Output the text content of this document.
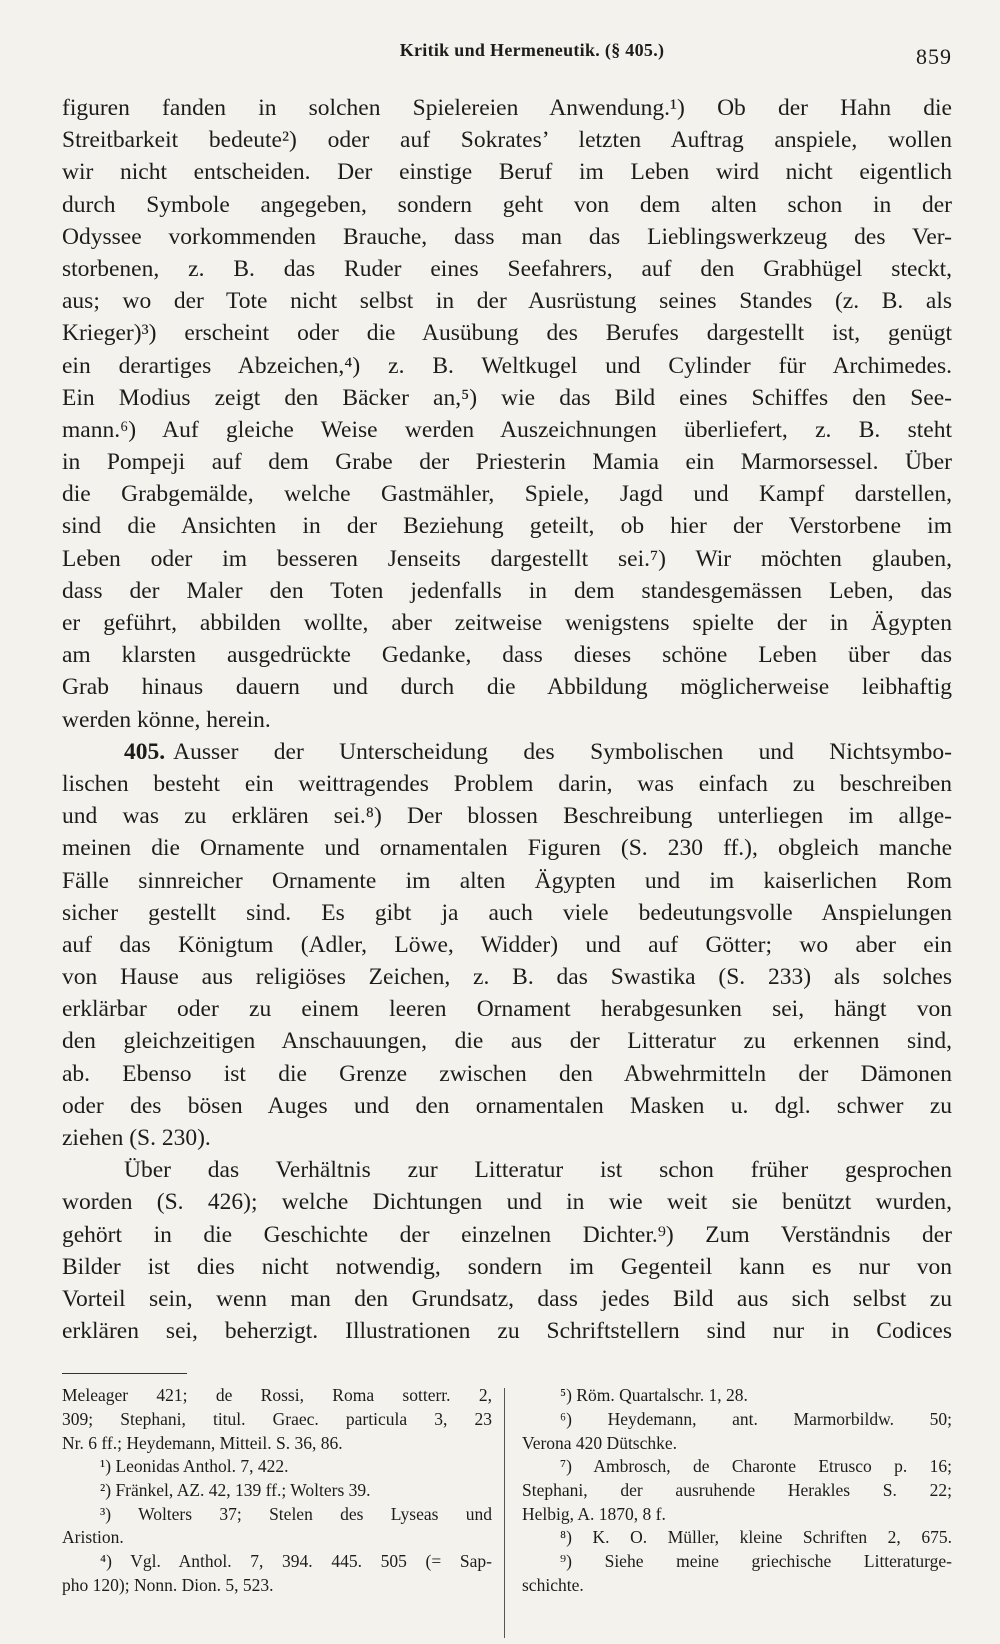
Kritik und Hermeneutik. (§ 405.)	859
figuren fanden in solchen Spielereien Anwendung.¹) Ob der Hahn die
Streitbarkeit bedeute²) oder auf Sokrates’ letzten Auftrag anspiele, wollen
wir nicht entscheiden. Der einstige Beruf im Leben wird nicht eigentlich
durch Symbole angegeben, sondern geht von dem alten schon in der
Odyssee vorkommenden Brauche, dass man das Lieblingswerkzeug des Ver-
storbenen, z. B. das Ruder eines Seefahrers, auf den Grabhügel steckt,
aus; wo der Tote nicht selbst in der Ausrüstung seines Standes (z. B. als
Krieger)³) erscheint oder die Ausübung des Berufes dargestellt ist, genügt
ein derartiges Abzeichen,⁴) z. B. Weltkugel und Cylinder für Archimedes.
Ein Modius zeigt den Bäcker an,⁵) wie das Bild eines Schiffes den See-
mann.⁶) Auf gleiche Weise werden Auszeichnungen überliefert, z. B. steht
in Pompeji auf dem Grabe der Priesterin Mamia ein Marmorsessel. Über
die Grabgemälde, welche Gastmähler, Spiele, Jagd und Kampf darstellen,
sind die Ansichten in der Beziehung geteilt, ob hier der Verstorbene im
Leben oder im besseren Jenseits dargestellt sei.⁷) Wir möchten glauben,
dass der Maler den Toten jedenfalls in dem standesgemässen Leben, das
er geführt, abbilden wollte, aber zeitweise wenigstens spielte der in Ägypten
am klarsten ausgedrückte Gedanke, dass dieses schöne Leben über das
Grab hinaus dauern und durch die Abbildung möglicherweise leibhaftig
werden könne, herein.
405. Ausser der Unterscheidung des Symbolischen und Nichtsymbo-
lischen besteht ein weittragendes Problem darin, was einfach zu beschreiben
und was zu erklären sei.⁸) Der blossen Beschreibung unterliegen im allge-
meinen die Ornamente und ornamentalen Figuren (S. 230 ff.), obgleich manche
Fälle sinnreicher Ornamente im alten Ägypten und im kaiserlichen Rom
sicher gestellt sind. Es gibt ja auch viele bedeutungsvolle Anspielungen
auf das Königtum (Adler, Löwe, Widder) und auf Götter; wo aber ein
von Hause aus religiöses Zeichen, z. B. das Swastika (S. 233) als solches
erklärbar oder zu einem leeren Ornament herabgesunken sei, hängt von
den gleichzeitigen Anschauungen, die aus der Litteratur zu erkennen sind,
ab. Ebenso ist die Grenze zwischen den Abwehrmitteln der Dämonen
oder des bösen Auges und den ornamentalen Masken u. dgl. schwer zu
ziehen (S. 230).
Über das Verhältnis zur Litteratur ist schon früher gesprochen
worden (S. 426); welche Dichtungen und in wie weit sie benützt wurden,
gehört in die Geschichte der einzelnen Dichter.⁹) Zum Verständnis der
Bilder ist dies nicht notwendig, sondern im Gegenteil kann es nur von
Vorteil sein, wenn man den Grundsatz, dass jedes Bild aus sich selbst zu
erklären sei, beherzigt. Illustrationen zu Schriftstellern sind nur in Codices
Meleager 421; de Rossi, Roma sotterr. 2,
309; Stephani, titul. Graec. particula 3, 23
Nr. 6 ff.; Heydemann, Mitteil. S. 36, 86.
¹) Leonidas Anthol. 7, 422.
²) Fränkel, AZ. 42, 139 ff.; Wolters 39.
³) Wolters 37; Stelen des Lyseas und
Aristion.
⁴) Vgl. Anthol. 7, 394. 445. 505 (= Sap-
pho 120); Nonn. Dion. 5, 523.
⁵) Röm. Quartalschr. 1, 28.
⁶) Heydemann, ant. Marmorbildw. 50;
Verona 420 Dütschke.
⁷) Ambrosch, de Charonte Etrusco p. 16;
Stephani, der ausruhende Herakles S. 22;
Helbig, A. 1870, 8 f.
⁸) K. O. Müller, kleine Schriften 2, 675.
⁹) Siehe meine griechische Litteraturge-
schichte.
